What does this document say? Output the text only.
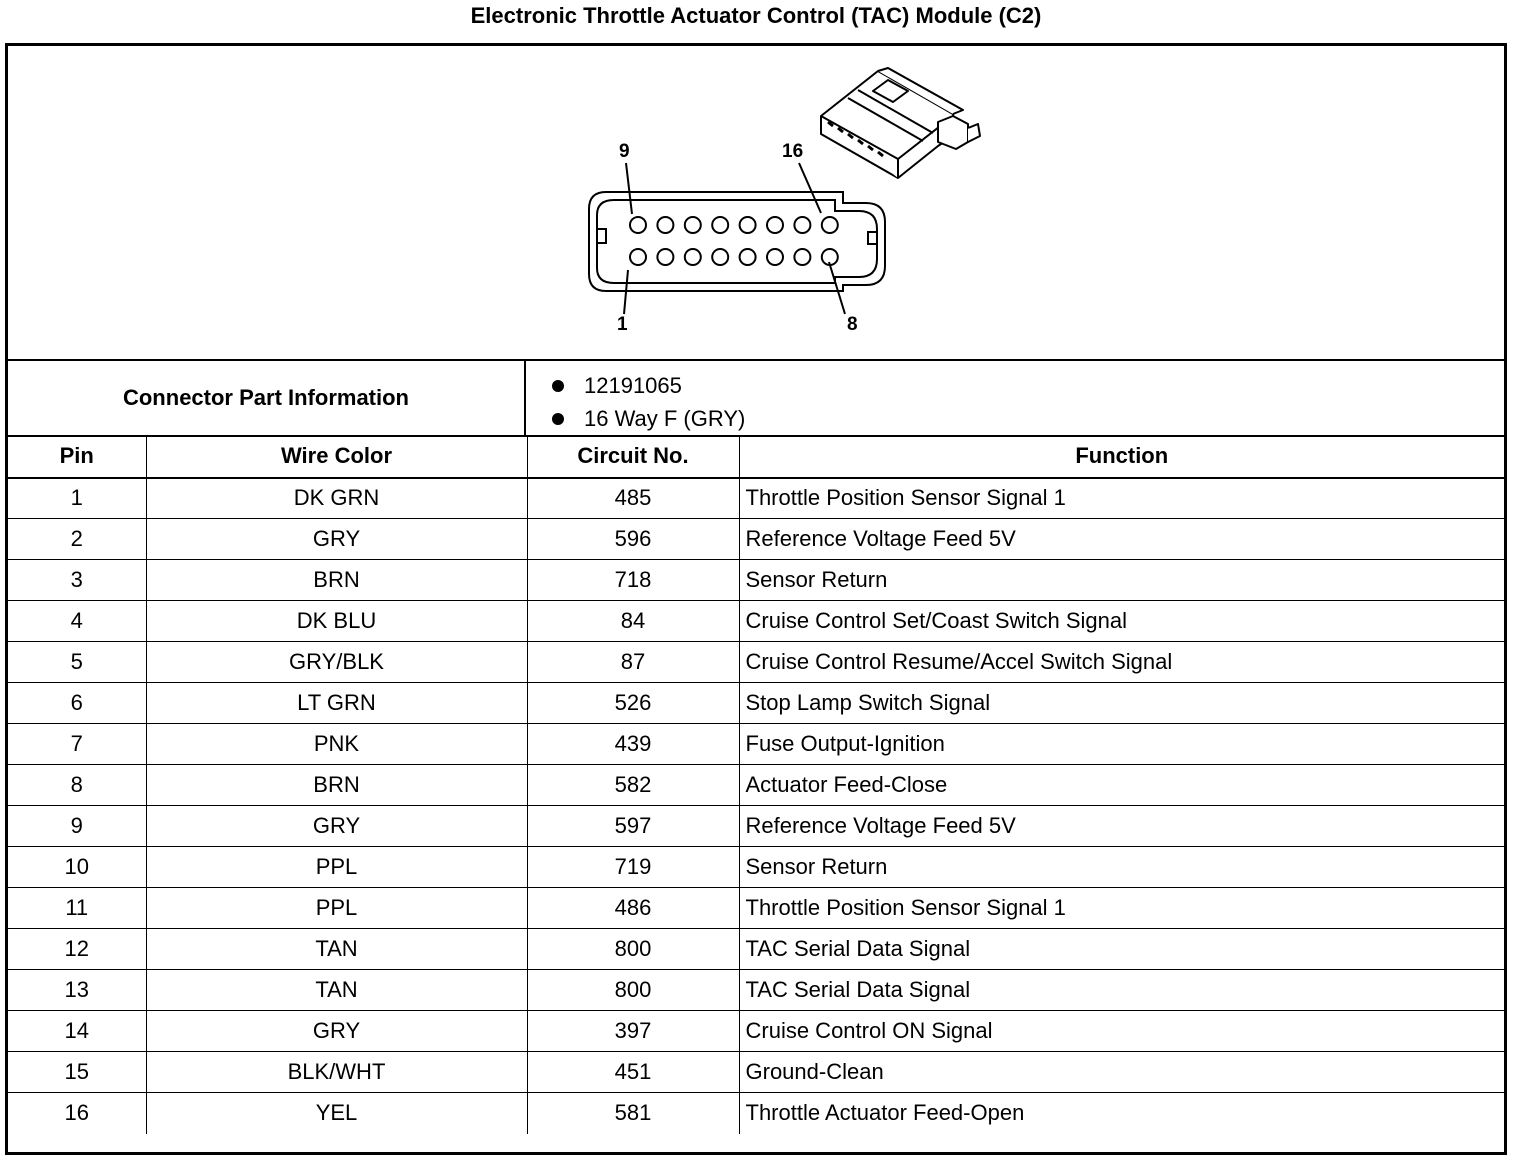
Electronic Throttle Actuator Control (TAC) Module (C2)
9	16
1	8
Connector Part Information	12191065
16 Way F (GRY)
Pin	Wire Color	Circuit No.	Function
1	DK GRN	485	Throttle Position Sensor Signal 1
2	GRY	596	Reference Voltage Feed 5V
3	BRN	718	Sensor Return
4	DK BLU	84	Cruise Control Set/Coast Switch Signal
5	GRY/BLK	87	Cruise Control Resume/Accel Switch Signal
6	LT GRN	526	Stop Lamp Switch Signal
7	PNK	439	Fuse Output-Ignition
8	BRN	582	Actuator Feed-Close
9	GRY	597	Reference Voltage Feed 5V
10	PPL	719	Sensor Return
11	PPL	486	Throttle Position Sensor Signal 1
12	TAN	800	TAC Serial Data Signal
13	TAN	800	TAC Serial Data Signal
14	GRY	397	Cruise Control ON Signal
15	BLK/WHT	451	Ground-Clean
16	YEL	581	Throttle Actuator Feed-Open
